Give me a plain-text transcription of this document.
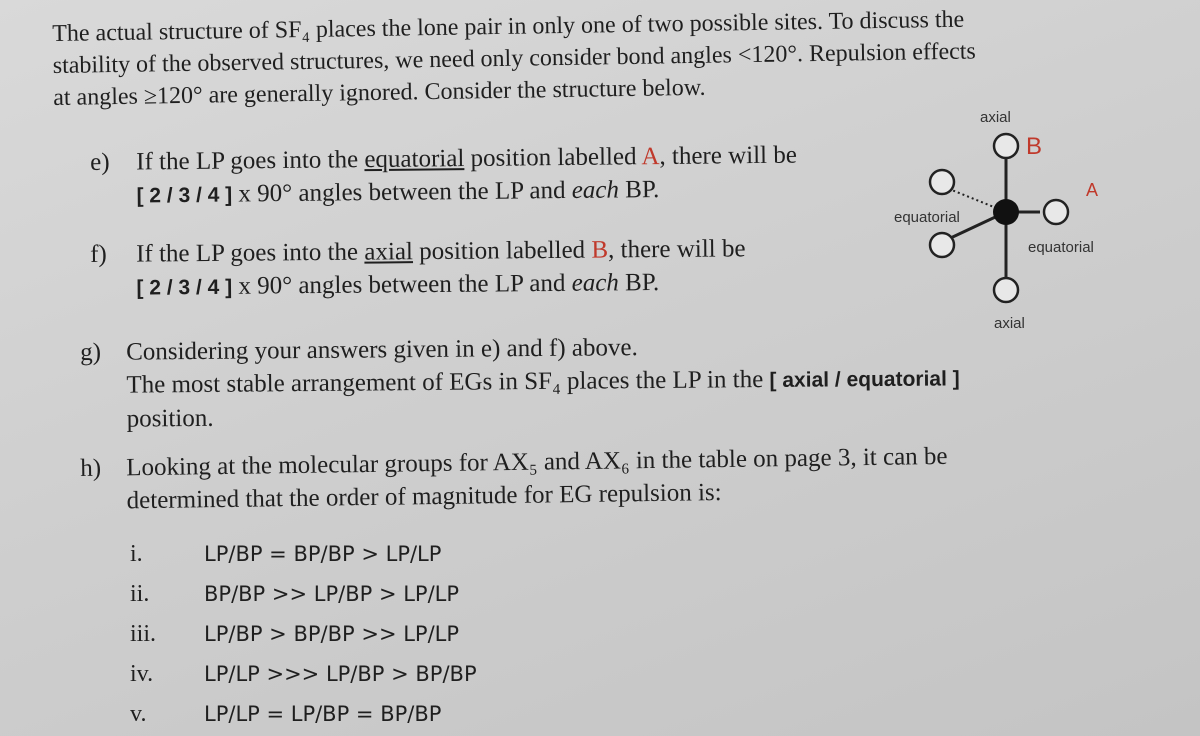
The actual structure of SF₄ places the lone pair in only one of two possible sites. To discuss the

stability of the observed structures, we need only consider bond angles <120°. Repulsion effects

at angles ≥120° are generally ignored. Consider the structure below.

e) If the LP goes into the equatorial position labelled A, there will be
[ 2 / 3 / 4 ] x 90° angles between the LP and each BP.
f) If the LP goes into the axial position labelled B, there will be
[ 2 / 3 / 4 ] x 90° angles between the LP and each BP.
g) Considering your answers given in e) and f) above.
The most stable arrangement of EGs in SF₄ places the LP in the [ axial / equatorial ]
position.
h) Looking at the molecular groups for AX₅ and AX₆ in the table on page 3, it can be
determined that the order of magnitude for EG repulsion is:
i.	LP/BP = BP/BP > LP/LP
ii.	BP/BP >> LP/BP > LP/LP
iii.	LP/BP > BP/BP >> LP/LP
iv.	LP/LP >>> LP/BP > BP/BP
v.	LP/LP = LP/BP = BP/BP
axial
B
A
equatorial
equatorial
axial
